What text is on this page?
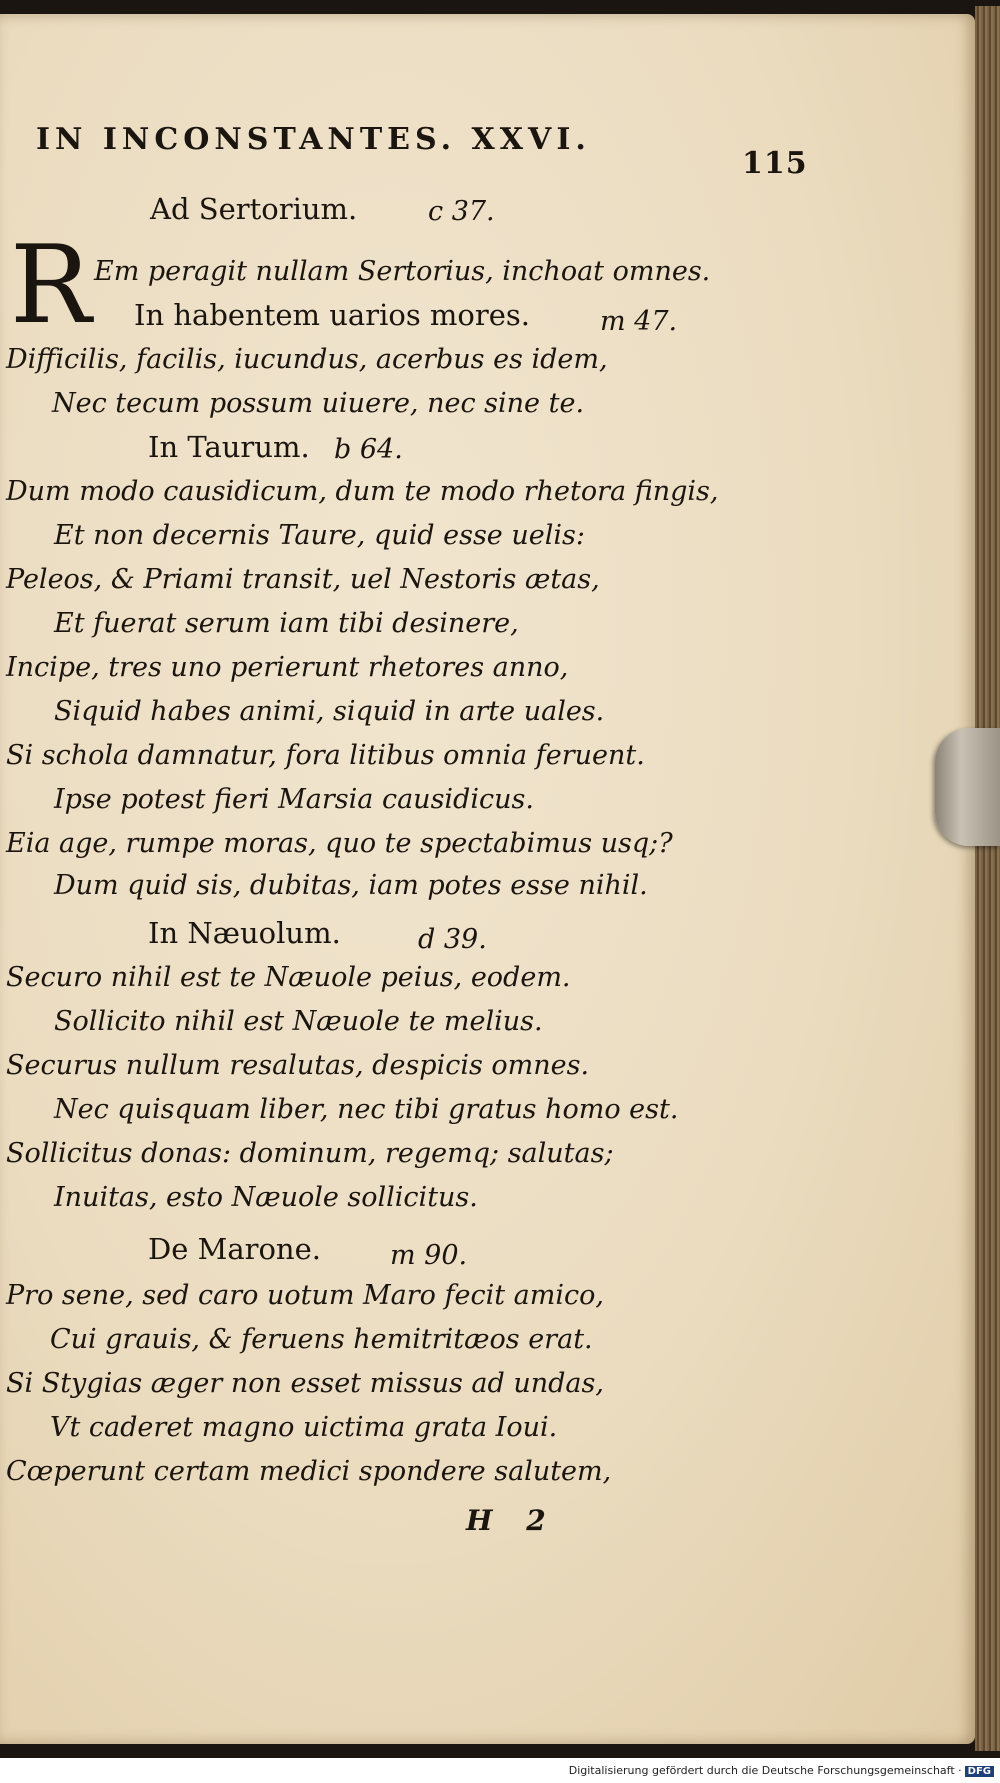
IN INCONSTANTES. XXVI.
115
Ad Sertorium.	c 37.
R Em peragit nullam Sertorius, inchoat omnes.
In habentem uarios mores.	m 47.
Difficilis, facilis, iucundus, acerbus es idem,
Nec tecum possum uiuere, nec sine te.
In Taurum. b 64.
Dum modo causidicum, dum te modo rhetora fingis,
Et non decernis Taure, quid esse uelis:
Peleos, & Priami transit, uel Nestoris ætas,
Et fuerat serum iam tibi desinere,
Incipe, tres uno perierunt rhetores anno,
Siquid habes animi, siquid in arte uales.
Si schola damnatur, fora litibus omnia feruent.
Ipse potest fieri Marsia causidicus.
Eia age, rumpe moras, quo te spectabimus usq;?
Dum quid sis, dubitas, iam potes esse nihil.
In Næuolum.	d 39.
Securo nihil est te Næuole peius, eodem.
Sollicito nihil est Næuole te melius.
Securus nullum resalutas, despicis omnes.
Nec quisquam liber, nec tibi gratus homo est.
Sollicitus donas: dominum, regemq; salutas;
Inuitas, esto Næuole sollicitus.
De Marone.	m 90.
Pro sene, sed caro uotum Maro fecit amico,
Cui grauis, & feruens hemitritæos erat.
Si Stygias æger non esset missus ad undas,
Vt caderet magno uictima grata Ioui.
Cœperunt certam medici spondere salutem,
H 2
Digitalisierung gefördert durch die Deutsche Forschungsgemeinschaft · DFG
